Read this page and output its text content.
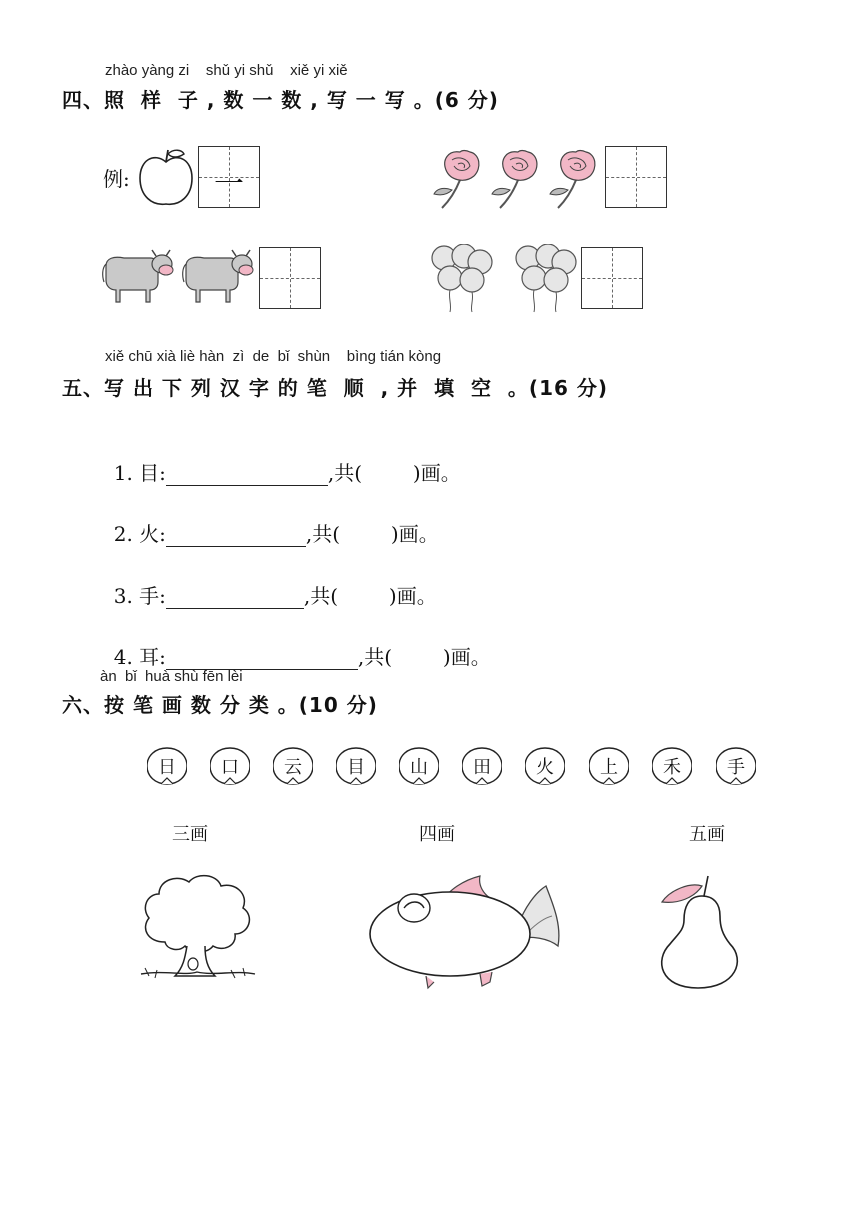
zhào yàng zi    shǔ yi shǔ    xiě yi xiě
四、照  样  子 , 数 一 数 , 写 一 写 。(6 分)
例:	一
xiě chū xià liè hàn  zì  de  bǐ  shùn    bìng tián kòng
五、写 出 下 列 汉 字 的 笔  顺  , 并  填  空  。(16 分)

1. 目:	,共(        )画。

2. 火:	,共(        )画。

3. 手:	,共(        )画。

4. 耳:	,共(        )画。

àn  bǐ  huà shù fēn lèi
六、按 笔 画 数 分 类 。(10 分)
日	口	云	目	山	田	火	上	禾	手
三画	四画	五画
